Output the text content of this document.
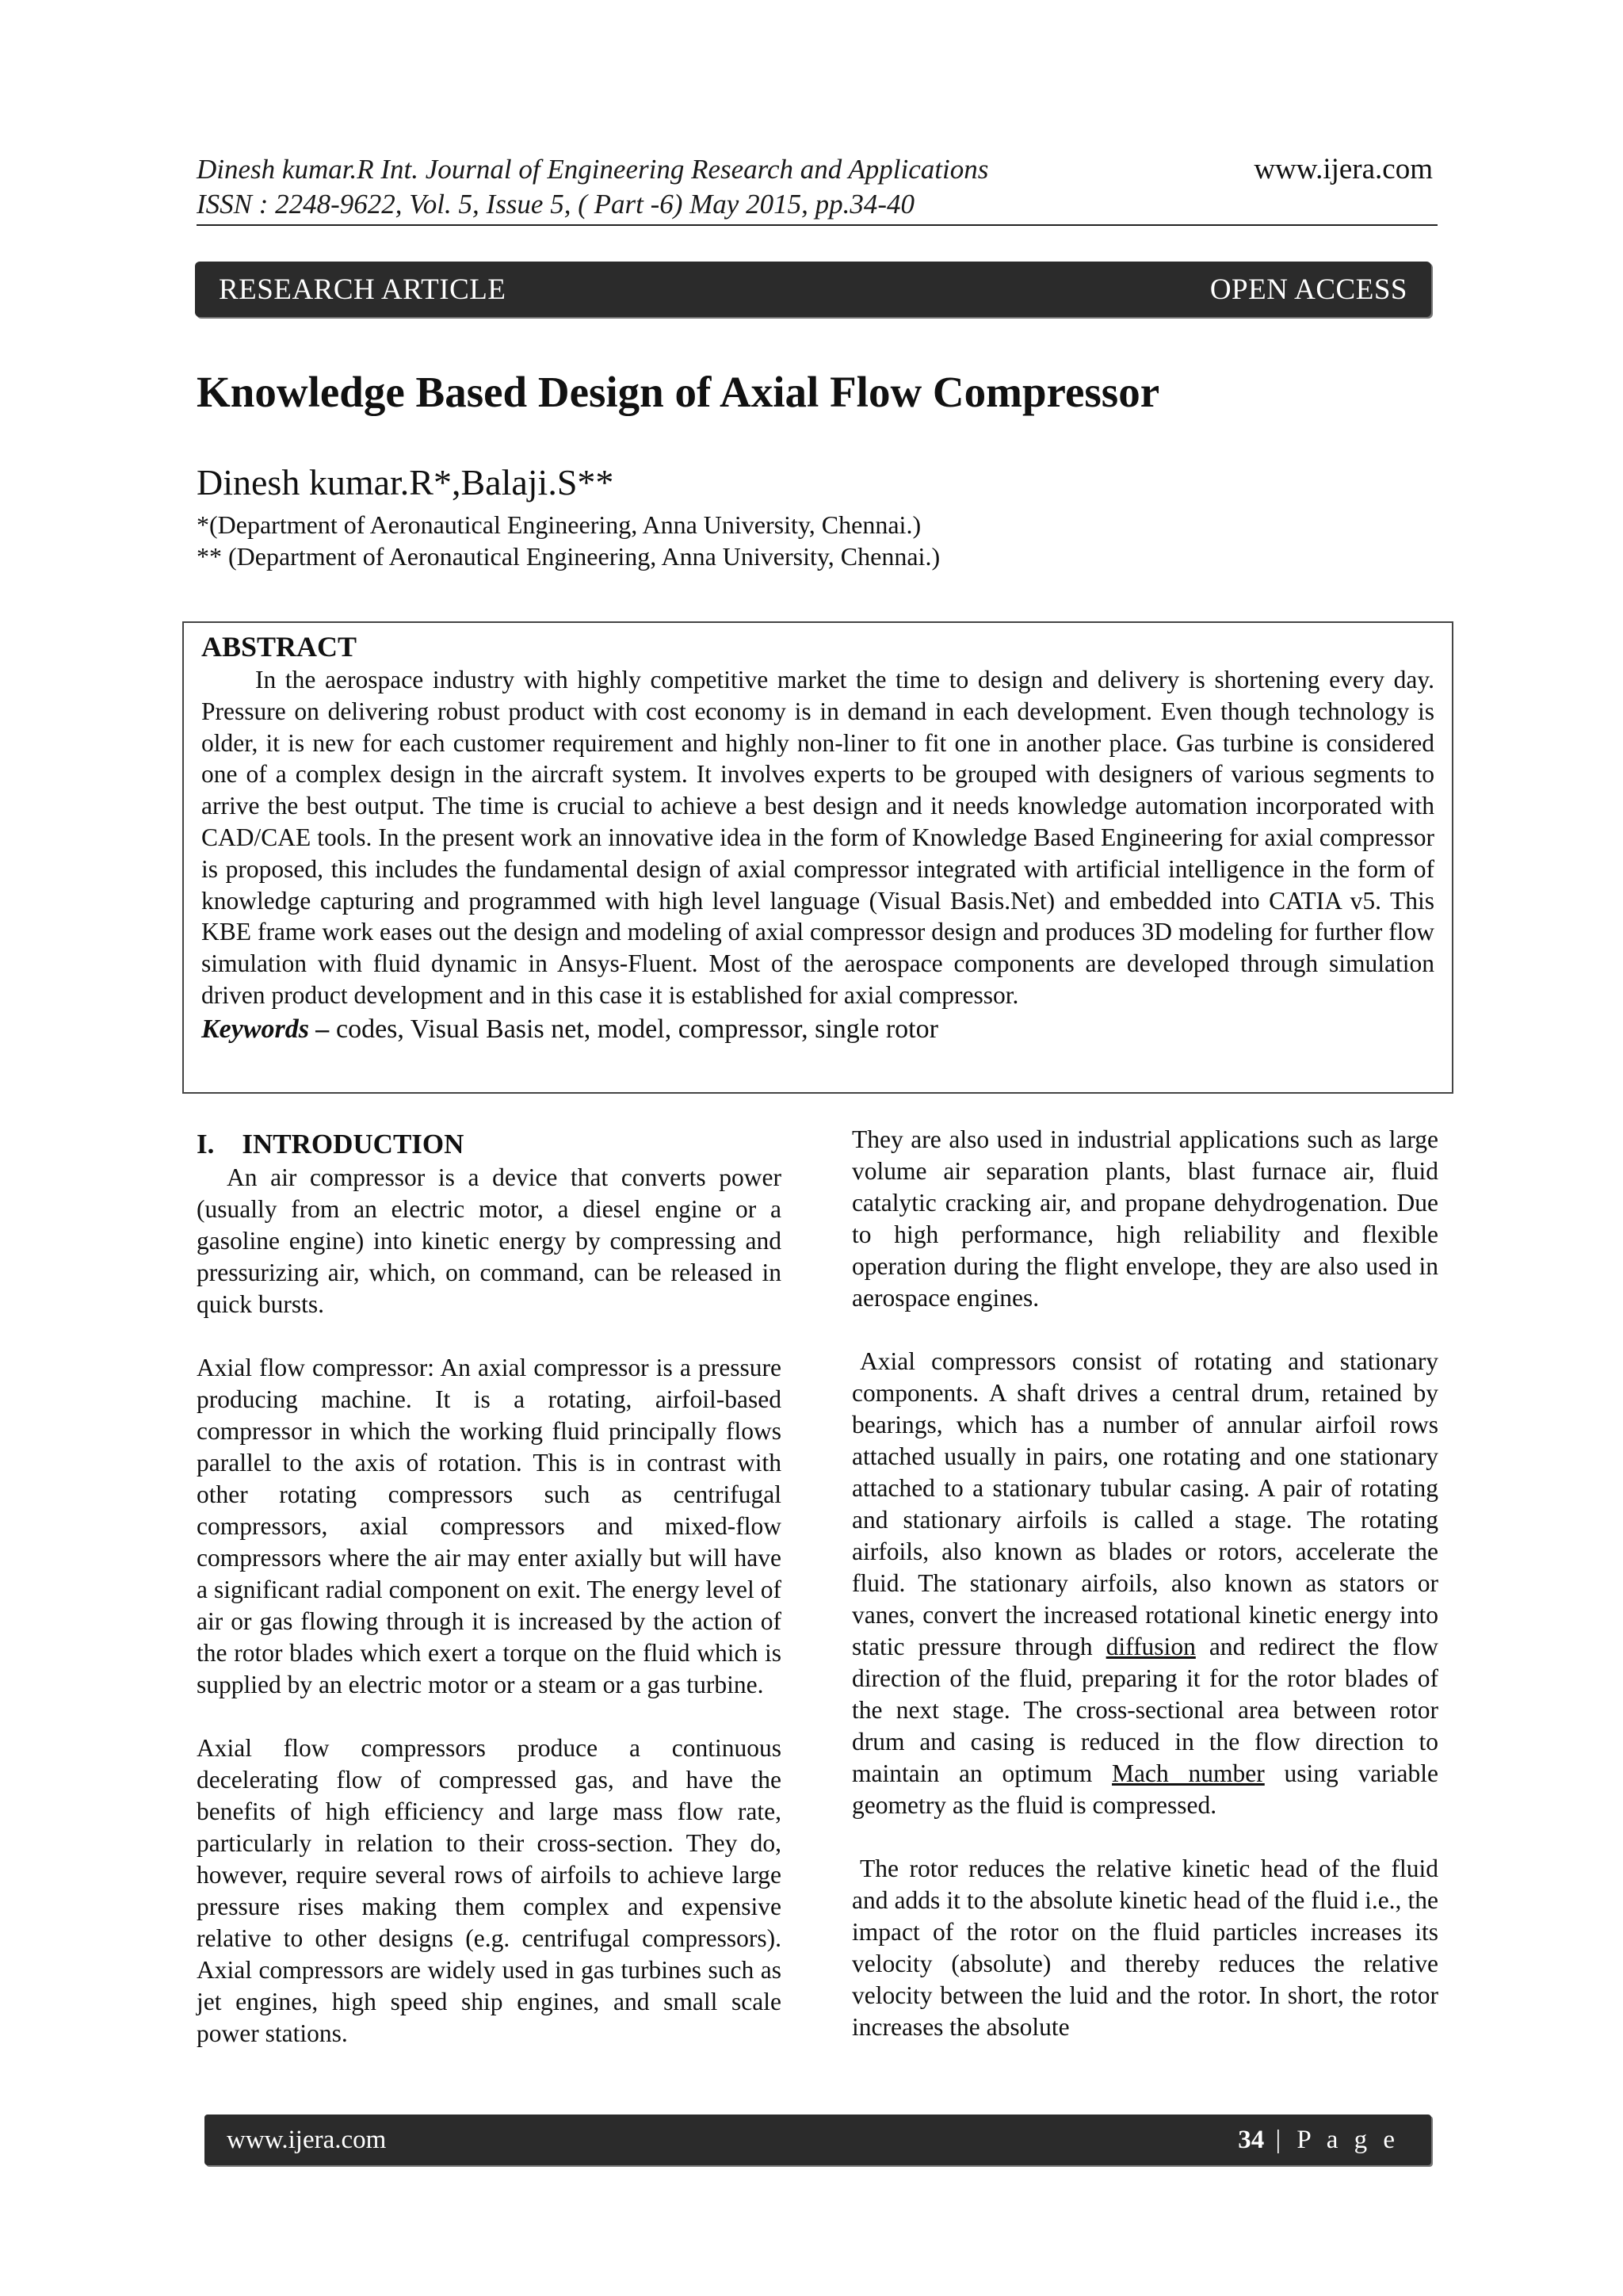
Dinesh kumar.R Int. Journal of Engineering Research and Applications
ISSN : 2248-9622, Vol. 5, Issue 5, ( Part -6) May 2015, pp.34-40
www.ijera.com
RESEARCH ARTICLE	OPEN ACCESS
Knowledge Based Design of Axial Flow Compressor
Dinesh kumar.R*,Balaji.S**
*(Department of Aeronautical Engineering, Anna University, Chennai.)
** (Department of Aeronautical Engineering, Anna University, Chennai.)
ABSTRACT

In the aerospace industry with highly competitive market the time to design and delivery is shortening every day. Pressure on delivering robust product with cost economy is in demand in each development. Even though technology is older, it is new for each customer requirement and highly non-liner to fit one in another place. Gas turbine is considered one of a complex design in the aircraft system. It involves experts to be grouped with designers of various segments to arrive the best output. The time is crucial to achieve a best design and it needs knowledge automation incorporated with CAD/CAE tools. In the present work an innovative idea in the form of Knowledge Based Engineering for axial compressor is proposed, this includes the fundamental design of axial compressor integrated with artificial intelligence in the form of knowledge capturing and programmed with high level language (Visual Basis.Net) and embedded into CATIA v5. This KBE frame work eases out the design and modeling of axial compressor design and produces 3D modeling for further flow simulation with fluid dynamic in Ansys-Fluent. Most of the aerospace components are developed through simulation driven product development and in this case it is established for axial compressor.

Keywords – codes, Visual Basis net, model, compressor, single rotor

I.    INTRODUCTION

An air compressor is a device that converts power (usually from an electric motor, a diesel engine or a gasoline engine) into kinetic energy by compressing and pressurizing air, which, on command, can be released in quick bursts.

Axial flow compressor: An axial compressor is a pressure producing machine. It is a rotating, airfoil-based compressor in which the working fluid principally flows parallel to the axis of rotation. This is in contrast with other rotating compressors such as centrifugal compressors, axial compressors and mixed-flow compressors where the air may enter axially but will have a significant radial component on exit. The energy level of air or gas flowing through it is increased by the action of the rotor blades which exert a torque on the fluid which is supplied by an electric motor or a steam or a gas turbine.

Axial flow compressors produce a continuous decelerating flow of compressed gas, and have the benefits of high efficiency and large mass flow rate, particularly in relation to their cross-section. They do, however, require several rows of airfoils to achieve large pressure rises making them complex and expensive relative to other designs (e.g. centrifugal compressors). Axial compressors are widely used in gas turbines such as jet engines, high speed ship engines, and small scale power stations.

They are also used in industrial applications such as large volume air separation plants, blast furnace air, fluid catalytic cracking air, and propane dehydrogenation. Due to high performance, high reliability and flexible operation during the flight envelope, they are also used in aerospace engines.

Axial compressors consist of rotating and stationary components. A shaft drives a central drum, retained by bearings, which has a number of annular airfoil rows attached usually in pairs, one rotating and one stationary attached to a stationary tubular casing. A pair of rotating and stationary airfoils is called a stage. The rotating airfoils, also known as blades or rotors, accelerate the fluid. The stationary airfoils, also known as stators or vanes, convert the increased rotational kinetic energy into static pressure through diffusion and redirect the flow direction of the fluid, preparing it for the rotor blades of the next stage. The cross-sectional area between rotor drum and casing is reduced in the flow direction to maintain an optimum Mach number using variable geometry as the fluid is compressed.

The rotor reduces the relative kinetic head of the fluid and adds it to the absolute kinetic head of the fluid i.e., the impact of the rotor on the fluid particles increases its velocity (absolute) and thereby reduces the relative velocity between the luid and the rotor. In short, the rotor increases the absolute

www.ijera.com	34 | P a g e
